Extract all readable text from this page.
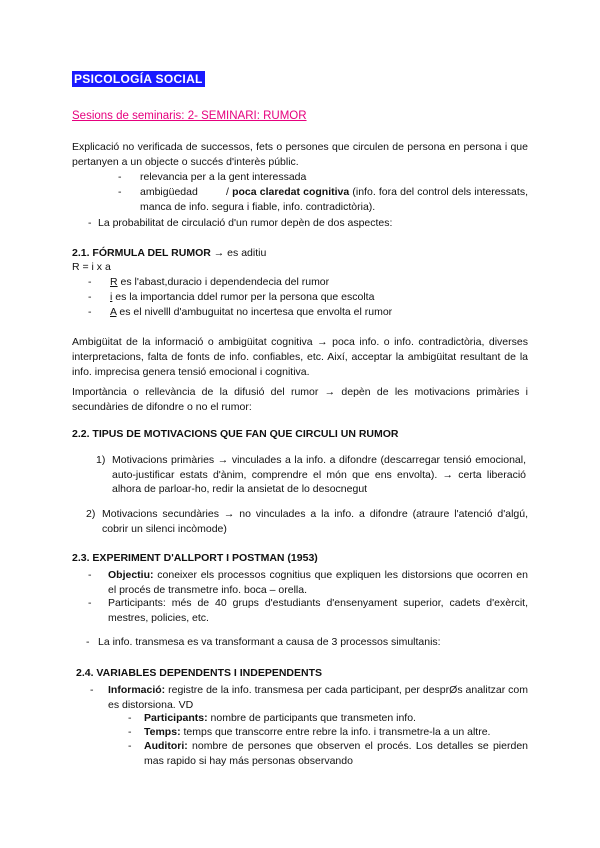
PSICOLOGÍA SOCIAL
Sesions de seminaris: 2- SEMINARI: RUMOR
Explicació no verificada de successos, fets o persones que circulen de persona en persona i que pertanyen a un objecte o succés d'interès públic.
-	relevancia per a la gent interessada
-	ambigüedad	/ poca claredat cognitiva (info. fora del control dels interessats, manca de info. segura i fiable, info. contradictòria).
- La probabilitat de circulació d'un rumor depèn de dos aspectes:
2.1. FÓRMULA DEL RUMOR → es aditiu
R = i x a
-	R es l'abast,duracio i dependendecia del rumor
-	i es la importancia ddel rumor per la persona que escolta
-	A es el nivelll d'ambuguitat no incertesa que envolta el rumor
Ambigüitat de la informació o ambigüitat cognitiva → poca info. o info. contradictòria, diverses interpretacions, falta de fonts de info. confiables, etc. Així, acceptar la ambigüitat resultant de la info. imprecisa genera tensió emocional i cognitiva.
Importància o rellevància de la difusió del rumor → depèn de les motivacions primàries i secundàries de difondre o no el rumor:
2.2. TIPUS DE MOTIVACIONS QUE FAN QUE CIRCULI UN RUMOR
1) Motivacions primàries → vinculades a la info. a difondre (descarregar tensió emocional, auto-justificar estats d'ànim, comprendre el món que ens envolta). → certa liberació alhora de parloar-ho, redir la ansietat de lo desocnegut
2) Motivacions secundàries → no vinculades a la info. a difondre (atraure l'atenció d'algú, cobrir un silenci incòmode)
2.3. EXPERIMENT D'ALLPORT I POSTMAN (1953)
-	Objectiu: coneixer els processos cognitius que expliquen les distorsions que ocorren en el procés de transmetre info. boca – orella.
-	Participants: més de 40 grups d'estudiants d'ensenyament superior, cadets d'exèrcit, mestres, policies, etc.
- La info. transmesa es va transformant a causa de 3 processos simultanis:
2.4. VARIABLES DEPENDENTS I INDEPENDENTS
-	Informació: registre de la info. transmesa per cada participant, per desprØs analitzar com es distorsiona. VD
-	Participants: nombre de participants que transmeten info.
-	Temps: temps que transcorre entre rebre la info. i transmetre-la a un altre.
-	Auditori: nombre de persones que observen el procés. Los detalles se pierden mas rapido si hay más personas observando
